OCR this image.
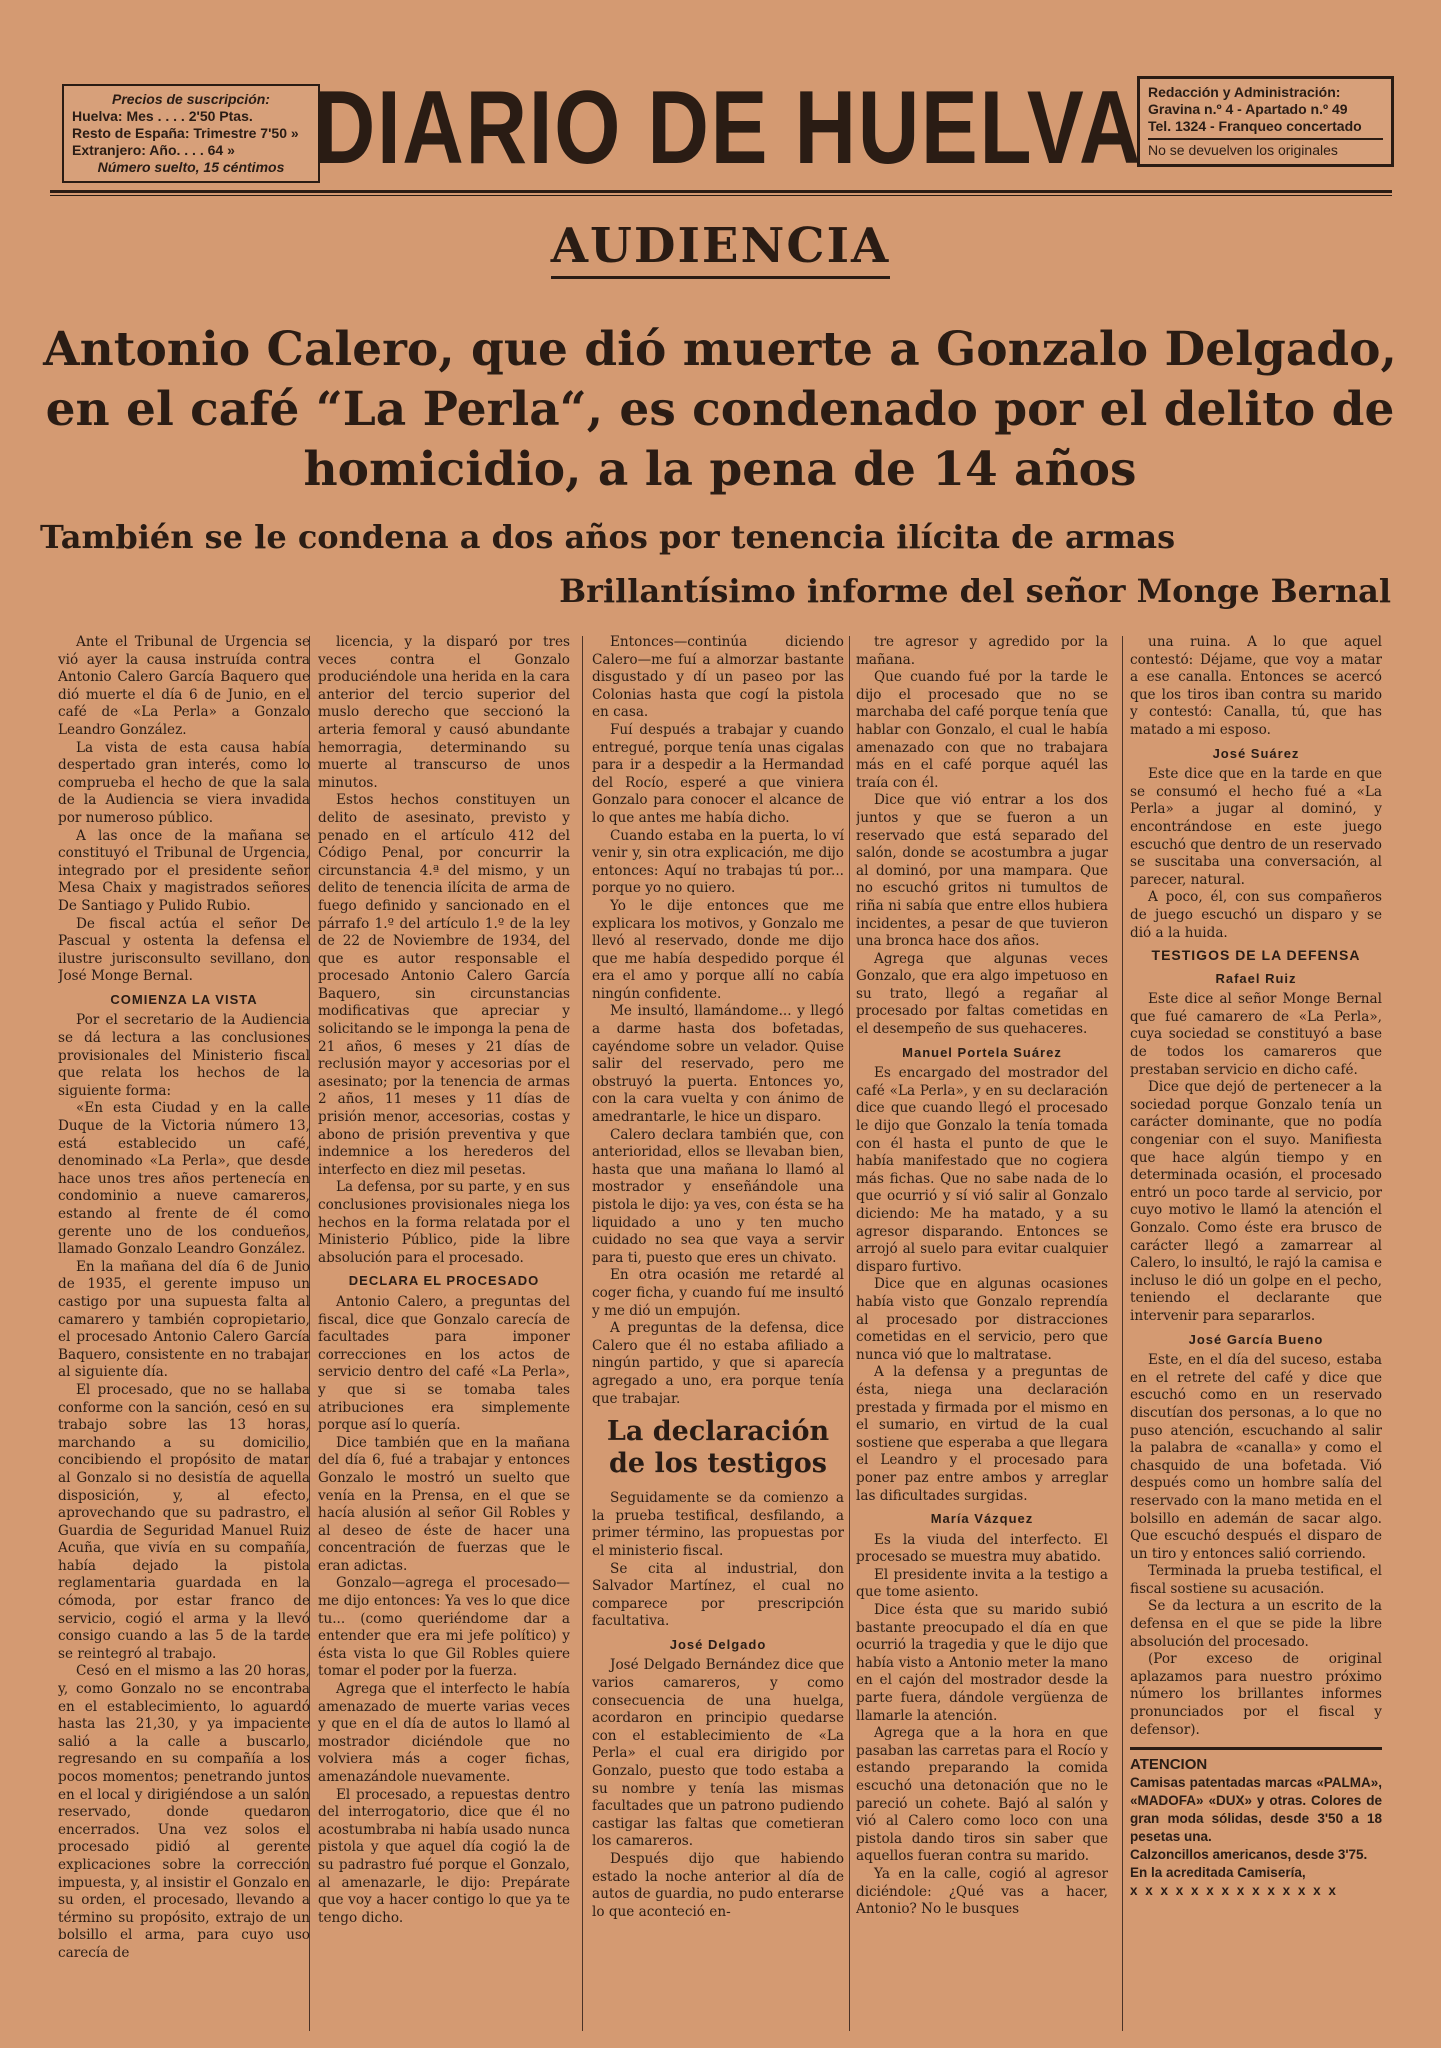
Precios de suscripción:
Huelva: Mes . . . . 2'50 Ptas.
Resto de España: Trimestre 7'50 »
Extranjero: Año. . . . 64 »
Número suelto, 15 céntimos DIARIO DE HUELVA Redacción y Administración:
Gravina n.º 4 - Apartado n.º 49
Tel. 1324 - Franqueo concertado
No se devuelven los originales
AUDIENCIA
Antonio Calero, que dió muerte a Gonzalo Delgado, en el café “La Perla“, es condenado por el delito de homicidio, a la pena de 14 años
También se le condena a dos años por tenencia ilícita de armas
Brillantísimo informe del señor Monge Bernal

Ante el Tribunal de Urgencia se vió ayer la causa instruída contra Antonio Calero García Baquero que dió muerte el día 6 de Junio, en el café de «La Perla» a Gonzalo Leandro González.

La vista de esta causa había despertado gran interés, como lo comprueba el hecho de que la sala de la Audiencia se viera invadida por numeroso público.

A las once de la mañana se constituyó el Tribunal de Urgencia, integrado por el presidente señor Mesa Chaix y magistrados señores De Santiago y Pulido Rubio.

De fiscal actúa el señor De Pascual y ostenta la defensa el ilustre jurisconsulto sevillano, don José Monge Bernal.

COMIENZA LA VISTA

Por el secretario de la Audiencia se dá lectura a las conclusiones provisionales del Ministerio fiscal que relata los hechos de la siguiente forma:

«En esta Ciudad y en la calle Duque de la Victoria número 13, está establecido un café, denominado «La Perla», que desde hace unos tres años pertenecía en condominio a nueve camareros, estando al frente de él como gerente uno de los condueños, llamado Gonzalo Leandro González.

En la mañana del día 6 de Junio de 1935, el gerente impuso un castigo por una supuesta falta al camarero y también copropietario, el procesado Antonio Calero García Baquero, consistente en no trabajar al siguiente día.

El procesado, que no se hallaba conforme con la sanción, cesó en su trabajo sobre las 13 horas, marchando a su domicilio, concibiendo el propósito de matar al Gonzalo si no desistía de aquella disposición, y, al efecto, aprovechando que su padrastro, el Guardia de Seguridad Manuel Ruiz Acuña, que vivía en su compañía, había dejado la pistola reglamentaria guardada en la cómoda, por estar franco de servicio, cogió el arma y la llevó consigo cuando a las 5 de la tarde se reintegró al trabajo.

Cesó en el mismo a las 20 horas, y, como Gonzalo no se encontraba en el establecimiento, lo aguardó hasta las 21,30, y ya impaciente salió a la calle a buscarlo, regresando en su compañía a los pocos momentos; penetrando juntos en el local y dirigiéndose a un salón reservado, donde quedaron encerrados. Una vez solos el procesado pidió al gerente explicaciones sobre la corrección impuesta, y, al insistir el Gonzalo en su orden, el procesado, llevando a término su propósito, extrajo de un bolsillo el arma, para cuyo uso carecía de

licencia, y la disparó por tres veces contra el Gonzalo produciéndole una herida en la cara anterior del tercio superior del muslo derecho que seccionó la arteria femoral y causó abundante hemorragia, determinando su muerte al transcurso de unos minutos.

Estos hechos constituyen un delito de asesinato, previsto y penado en el artículo 412 del Código Penal, por concurrir la circunstancia 4.ª del mismo, y un delito de tenencia ilícita de arma de fuego definido y sancionado en el párrafo 1.º del artículo 1.º de la ley de 22 de Noviembre de 1934, del que es autor responsable el procesado Antonio Calero García Baquero, sin circunstancias modificativas que apreciar y solicitando se le imponga la pena de 21 años, 6 meses y 21 días de reclusión mayor y accesorias por el asesinato; por la tenencia de armas 2 años, 11 meses y 11 días de prisión menor, accesorias, costas y abono de prisión preventiva y que indemnice a los herederos del interfecto en diez mil pesetas.

La defensa, por su parte, y en sus conclusiones provisionales niega los hechos en la forma relatada por el Ministerio Público, pide la libre absolución para el procesado.

DECLARA EL PROCESADO

Antonio Calero, a preguntas del fiscal, dice que Gonzalo carecía de facultades para imponer correcciones en los actos de servicio dentro del café «La Perla», y que si se tomaba tales atribuciones era simplemente porque así lo quería.

Dice también que en la mañana del día 6, fué a trabajar y entonces Gonzalo le mostró un suelto que venía en la Prensa, en el que se hacía alusión al señor Gil Robles y al deseo de éste de hacer una concentración de fuerzas que le eran adictas.

Gonzalo—agrega el procesado—me dijo entonces: Ya ves lo que dice tu... (como queriéndome dar a entender que era mi jefe político) y ésta vista lo que Gil Robles quiere tomar el poder por la fuerza.

Agrega que el interfecto le había amenazado de muerte varias veces y que en el día de autos lo llamó al mostrador diciéndole que no volviera más a coger fichas, amenazándole nuevamente.

El procesado, a repuestas dentro del interrogatorio, dice que él no acostumbraba ni había usado nunca pistola y que aquel día cogió la de su padrastro fué porque el Gonzalo, al amenazarle, le dijo: Prepárate que voy a hacer contigo lo que ya te tengo dicho.

Entonces—continúa diciendo Calero—me fuí a almorzar bastante disgustado y dí un paseo por las Colonias hasta que cogí la pistola en casa.

Fuí después a trabajar y cuando entregué, porque tenía unas cigalas para ir a despedir a la Hermandad del Rocío, esperé a que viniera Gonzalo para conocer el alcance de lo que antes me había dicho.

Cuando estaba en la puerta, lo ví venir y, sin otra explicación, me dijo entonces: Aquí no trabajas tú por... porque yo no quiero.

Yo le dije entonces que me explicara los motivos, y Gonzalo me llevó al reservado, donde me dijo que me había despedido porque él era el amo y porque allí no cabía ningún confidente.

Me insultó, llamándome... y llegó a darme hasta dos bofetadas, cayéndome sobre un velador. Quise salir del reservado, pero me obstruyó la puerta. Entonces yo, con la cara vuelta y con ánimo de amedrantarle, le hice un disparo.

Calero declara también que, con anterioridad, ellos se llevaban bien, hasta que una mañana lo llamó al mostrador y enseñándole una pistola le dijo: ya ves, con ésta se ha liquidado a uno y ten mucho cuidado no sea que vaya a servir para ti, puesto que eres un chivato.

En otra ocasión me retardé al coger ficha, y cuando fuí me insultó y me dió un empujón.

A preguntas de la defensa, dice Calero que él no estaba afiliado a ningún partido, y que si aparecía agregado a uno, era porque tenía que trabajar.

La declaración de los testigos

Seguidamente se da comienzo a la prueba testifical, desfilando, a primer término, las propuestas por el ministerio fiscal.

Se cita al industrial, don Salvador Martínez, el cual no comparece por prescripción facultativa.

José Delgado

José Delgado Bernández dice que varios camareros, y como consecuencia de una huelga, acordaron en principio quedarse con el establecimiento de «La Perla» el cual era dirigido por Gonzalo, puesto que todo estaba a su nombre y tenía las mismas facultades que un patrono pudiendo castigar las faltas que cometieran los camareros.

Después dijo que habiendo estado la noche anterior al día de autos de guardia, no pudo enterarse lo que aconteció en-

tre agresor y agredido por la mañana.

Que cuando fué por la tarde le dijo el procesado que no se marchaba del café porque tenía que hablar con Gonzalo, el cual le había amenazado con que no trabajara más en el café porque aquél las traía con él.

Dice que vió entrar a los dos juntos y que se fueron a un reservado que está separado del salón, donde se acostumbra a jugar al dominó, por una mampara. Que no escuchó gritos ni tumultos de riña ni sabía que entre ellos hubiera incidentes, a pesar de que tuvieron una bronca hace dos años.

Agrega que algunas veces Gonzalo, que era algo impetuoso en su trato, llegó a regañar al procesado por faltas cometidas en el desempeño de sus quehaceres.

Manuel Portela Suárez

Es encargado del mostrador del café «La Perla», y en su declaración dice que cuando llegó el procesado le dijo que Gonzalo la tenía tomada con él hasta el punto de que le había manifestado que no cogiera más fichas. Que no sabe nada de lo que ocurrió y sí vió salir al Gonzalo diciendo: Me ha matado, y a su agresor disparando. Entonces se arrojó al suelo para evitar cualquier disparo furtivo.

Dice que en algunas ocasiones había visto que Gonzalo reprendía al procesado por distracciones cometidas en el servicio, pero que nunca vió que lo maltratase.

A la defensa y a preguntas de ésta, niega una declaración prestada y firmada por el mismo en el sumario, en virtud de la cual sostiene que esperaba a que llegara el Leandro y el procesado para poner paz entre ambos y arreglar las dificultades surgidas.

María Vázquez

Es la viuda del interfecto. El procesado se muestra muy abatido.

El presidente invita a la testigo a que tome asiento.

Dice ésta que su marido subió bastante preocupado el día en que ocurrió la tragedia y que le dijo que había visto a Antonio meter la mano en el cajón del mostrador desde la parte fuera, dándole vergüenza de llamarle la atención.

Agrega que a la hora en que pasaban las carretas para el Rocío y estando preparando la comida escuchó una detonación que no le pareció un cohete. Bajó al salón y vió al Calero como loco con una pistola dando tiros sin saber que aquellos fueran contra su marido.

Ya en la calle, cogió al agresor diciéndole: ¿Qué vas a hacer, Antonio? No le busques

una ruina. A lo que aquel contestó: Déjame, que voy a matar a ese canalla. Entonces se acercó que los tiros iban contra su marido y contestó: Canalla, tú, que has matado a mi esposo.

José Suárez

Este dice que en la tarde en que se consumó el hecho fué a «La Perla» a jugar al dominó, y encontrándose en este juego escuchó que dentro de un reservado se suscitaba una conversación, al parecer, natural.

A poco, él, con sus compañeros de juego escuchó un disparo y se dió a la huida.

TESTIGOS DE LA DEFENSA

Rafael Ruiz

Este dice al señor Monge Bernal que fué camarero de «La Perla», cuya sociedad se constituyó a base de todos los camareros que prestaban servicio en dicho café.

Dice que dejó de pertenecer a la sociedad porque Gonzalo tenía un carácter dominante, que no podía congeniar con el suyo. Manifiesta que hace algún tiempo y en determinada ocasión, el procesado entró un poco tarde al servicio, por cuyo motivo le llamó la atención el Gonzalo. Como éste era brusco de carácter llegó a zamarrear al Calero, lo insultó, le rajó la camisa e incluso le dió un golpe en el pecho, teniendo el declarante que intervenir para separarlos.

José García Bueno

Este, en el día del suceso, estaba en el retrete del café y dice que escuchó como en un reservado discutían dos personas, a lo que no puso atención, escuchando al salir la palabra de «canalla» y como el chasquido de una bofetada. Vió después como un hombre salía del reservado con la mano metida en el bolsillo en ademán de sacar algo. Que escuchó después el disparo de un tiro y entonces salió corriendo.

Terminada la prueba testifical, el fiscal sostiene su acusación.

Se da lectura a un escrito de la defensa en el que se pide la libre absolución del procesado.

(Por exceso de original aplazamos para nuestro próximo número los brillantes informes pronunciados por el fiscal y defensor).

ATENCION

Camisas patentadas marcas «PALMA», «MADOFA» «DUX» y otras. Colores de gran moda sólidas, desde 3'50 a 18 pesetas una.

Calzoncillos americanos, desde 3'75.

En la acreditada Camisería,

x x x x x x x x x x x x x x
